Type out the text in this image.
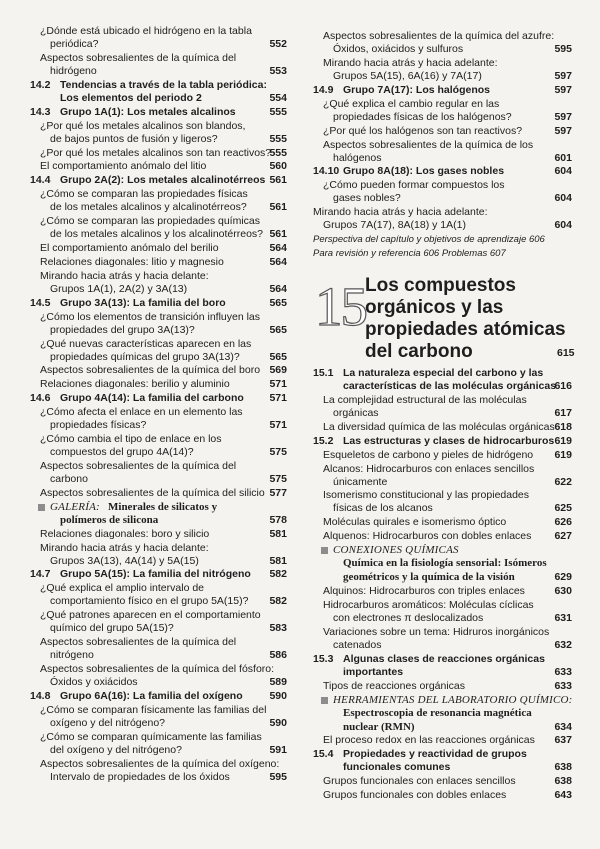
¿Dónde está ubicado el hidrógeno en la tabla
periódica?	552
Aspectos sobresalientes de la química del
hidrógeno	553
14.2 Tendencias a través de la tabla periódica:
Los elementos del periodo 2	554
14.3 Grupo 1A(1): Los metales alcalinos	555
¿Por qué los metales alcalinos son blandos,
de bajos puntos de fusión y ligeros?	555
¿Por qué los metales alcalinos son tan reactivos?
555
El comportamiento anómalo del litio	560
14.4 Grupo 2A(2): Los metales alcalinotérreos 561
¿Cómo se comparan las propiedades físicas
de los metales alcalinos y alcalinotérreos?	561
¿Cómo se comparan las propiedades químicas
de los metales alcalinos y los alcalinotérreos? 561
El comportamiento anómalo del berilio	564
Relaciones diagonales: litio y magnesio	564
Mirando hacia atrás y hacia delante:
Grupos 1A(1), 2A(2) y 3A(13)	564
14.5 Grupo 3A(13): La familia del boro	565
¿Cómo los elementos de transición influyen las
propiedades del grupo 3A(13)?	565
¿Qué nuevas características aparecen en las
propiedades químicas del grupo 3A(13)?	565
Aspectos sobresalientes de la química del boro 569
Relaciones diagonales: berilio y aluminio	571
14.6 Grupo 4A(14): La familia del carbono	571
¿Cómo afecta el enlace en un elemento las
propiedades físicas?	571
¿Cómo cambia el tipo de enlace en los
compuestos del grupo 4A(14)?	575
Aspectos sobresalientes de la química del
carbono	575
Aspectos sobresalientes de la química del silicio 577
GALERÍA: Minerales de silicatos y
polímeros de silicona	578
Relaciones diagonales: boro y silicio	581
Mirando hacia atrás y hacia delante:
Grupos 3A(13), 4A(14) y 5A(15)	581
14.7 Grupo 5A(15): La familia del nitrógeno	582
¿Qué explica el amplio intervalo de
comportamiento físico en el grupo 5A(15)?	582
¿Qué patrones aparecen en el comportamiento
químico del grupo 5A(15)?	583
Aspectos sobresalientes de la química del
nitrógeno	586
Aspectos sobresalientes de la química del fósforo:
Óxidos y oxiácidos	589
14.8 Grupo 6A(16): La familia del oxígeno	590
¿Cómo se comparan físicamente las familias del
oxígeno y del nitrógeno?	590
¿Cómo se comparan químicamente las familias
del oxígeno y del nitrógeno?	591
Aspectos sobresalientes de la química del oxígeno:
Intervalo de propiedades de los óxidos	595
Aspectos sobresalientes de la química del azufre:
Óxidos, oxiácidos y sulfuros	595
Mirando hacia atrás y hacia adelante:
Grupos 5A(15), 6A(16) y 7A(17)	597
14.9 Grupo 7A(17): Los halógenos	597
¿Qué explica el cambio regular en las
propiedades físicas de los halógenos?	597
¿Por qué los halógenos son tan reactivos?	597
Aspectos sobresalientes de la química de los
halógenos	601
14.10 Grupo 8A(18): Los gases nobles	604
¿Cómo pueden formar compuestos los
gases nobles?	604
Mirando hacia atrás y hacia adelante:
Grupos 7A(17), 8A(18) y 1A(1)	604
Perspectiva del capítulo y objetivos de aprendizaje 606
Para revisión y referencia 606 Problemas 607
15.1 La naturaleza especial del carbono y las
características de las moléculas orgánicas
616
La complejidad estructural de las moléculas
orgánicas	617
La diversidad química de las moléculas orgánicas 618
15.2 Las estructuras y clases de hidrocarburos 619
Esqueletos de carbono y pieles de hidrógeno	619
Alcanos: Hidrocarburos con enlaces sencillos
únicamente	622
Isomerismo constitucional y las propiedades
físicas de los alcanos	625
Moléculas quirales e isomerismo óptico	626
Alquenos: Hidrocarburos con dobles enlaces	627
CONEXIONES QUÍMICAS
Química en la fisiología sensorial: Isómeros
geométricos y la química de la visión	629
Alquinos: Hidrocarburos con triples enlaces	630
Hidrocarburos aromáticos: Moléculas cíclicas
con electrones π deslocalizados	631
Variaciones sobre un tema: Hidruros inorgánicos
catenados	632
15.3 Algunas clases de reacciones orgánicas
importantes	633
Tipos de reacciones orgánicas	633
HERRAMIENTAS DEL LABORATORIO QUÍMICO:
Espectroscopia de resonancia magnética
nuclear (RMN)	634
El proceso redox en las reacciones orgánicas	637
15.4 Propiedades y reactividad de grupos
funcionales comunes	638
Grupos funcionales con enlaces sencillos	638
Grupos funcionales con dobles enlaces	643
15 Los compuestos
orgánicos y las
propiedades atómicas
del carbono	615
